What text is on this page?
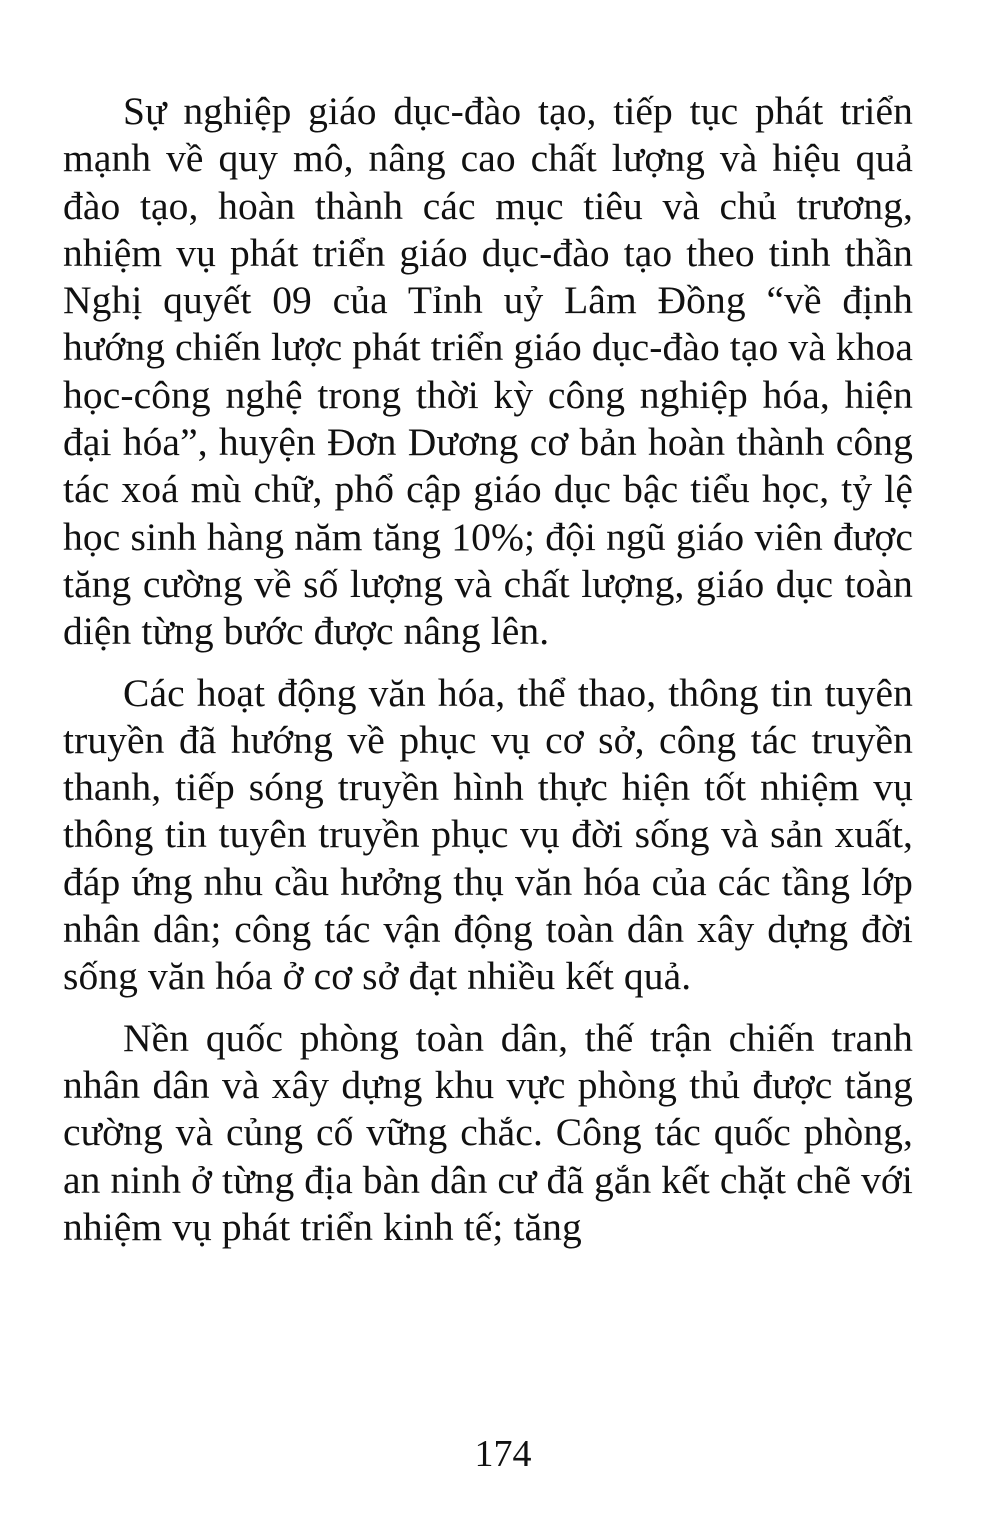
Sự nghiệp giáo dục-đào tạo, tiếp tục phát triển mạnh về quy mô, nâng cao chất lượng và hiệu quả đào tạo, hoàn thành các mục tiêu và chủ trương, nhiệm vụ phát triển giáo dục-đào tạo theo tinh thần Nghị quyết 09 của Tỉnh uỷ Lâm Đồng “về định hướng chiến lược phát triển giáo dục-đào tạo và khoa học-công nghệ trong thời kỳ công nghiệp hóa, hiện đại hóa”, huyện Đơn Dương cơ bản hoàn thành công tác xoá mù chữ, phổ cập giáo dục bậc tiểu học, tỷ lệ học sinh hàng năm tăng 10%; đội ngũ giáo viên được tăng cường về số lượng và chất lượng, giáo dục toàn diện từng bước được nâng lên.

Các hoạt động văn hóa, thể thao, thông tin tuyên truyền đã hướng về phục vụ cơ sở, công tác truyền thanh, tiếp sóng truyền hình thực hiện tốt nhiệm vụ thông tin tuyên truyền phục vụ đời sống và sản xuất, đáp ứng nhu cầu hưởng thụ văn hóa của các tầng lớp nhân dân; công tác vận động toàn dân xây dựng đời sống văn hóa ở cơ sở đạt nhiều kết quả.

Nền quốc phòng toàn dân, thế trận chiến tranh nhân dân và xây dựng khu vực phòng thủ được tăng cường và củng cố vững chắc. Công tác quốc phòng, an ninh ở từng địa bàn dân cư đã gắn kết chặt chẽ với nhiệm vụ phát triển kinh tế; tăng

174
